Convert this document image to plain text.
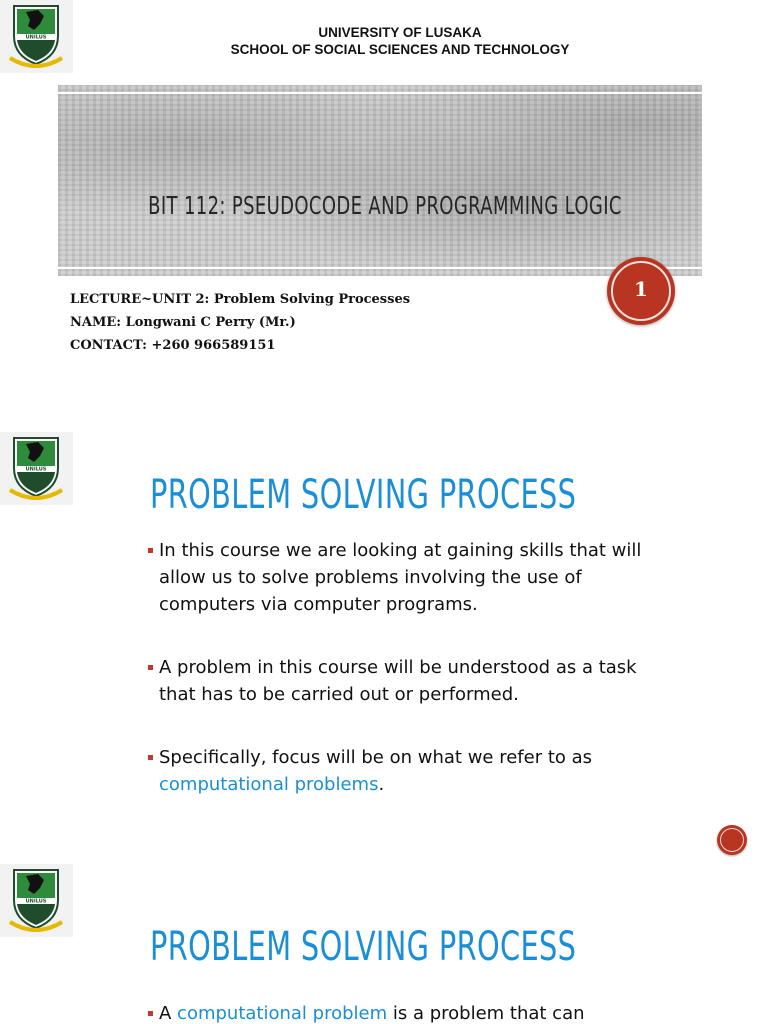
UNILUS	UNIVERSITY OF LUSAKA
SCHOOL OF SOCIAL SCIENCES AND TECHNOLOGY
BIT 112: PSEUDOCODE AND PROGRAMMING LOGIC
1
LECTURE~UNIT 2: Problem Solving Processes
NAME: Longwani C Perry (Mr.)
CONTACT: +260 966589151
UNILUS
PROBLEM SOLVING PROCESS
In this course we are looking at gaining skills that will allow us to solve problems involving the use of computers via computer programs.
A problem in this course will be understood as a task that has to be carried out or performed.
Specifically, focus will be on what we refer to as computational problems.
UNILUS
PROBLEM SOLVING PROCESS
A computational problem is a problem that can
